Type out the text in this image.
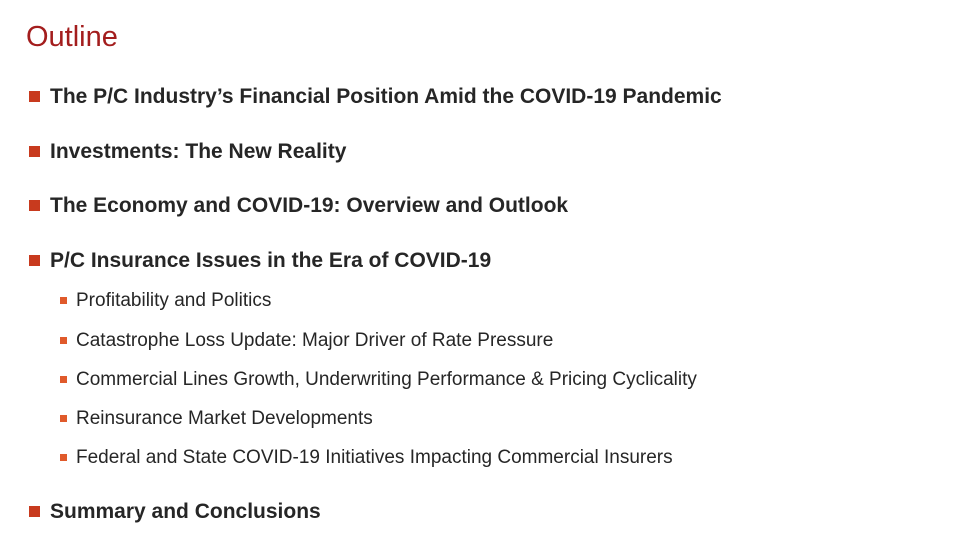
Outline
The P/C Industry’s Financial Position Amid the COVID-19 Pandemic
Investments: The New Reality
The Economy and COVID-19: Overview and Outlook
P/C Insurance Issues in the Era of COVID-19
Profitability and Politics
Catastrophe Loss Update: Major Driver of Rate Pressure
Commercial Lines Growth, Underwriting Performance & Pricing Cyclicality
Reinsurance Market Developments
Federal and State COVID-19 Initiatives Impacting Commercial Insurers
Summary and Conclusions
